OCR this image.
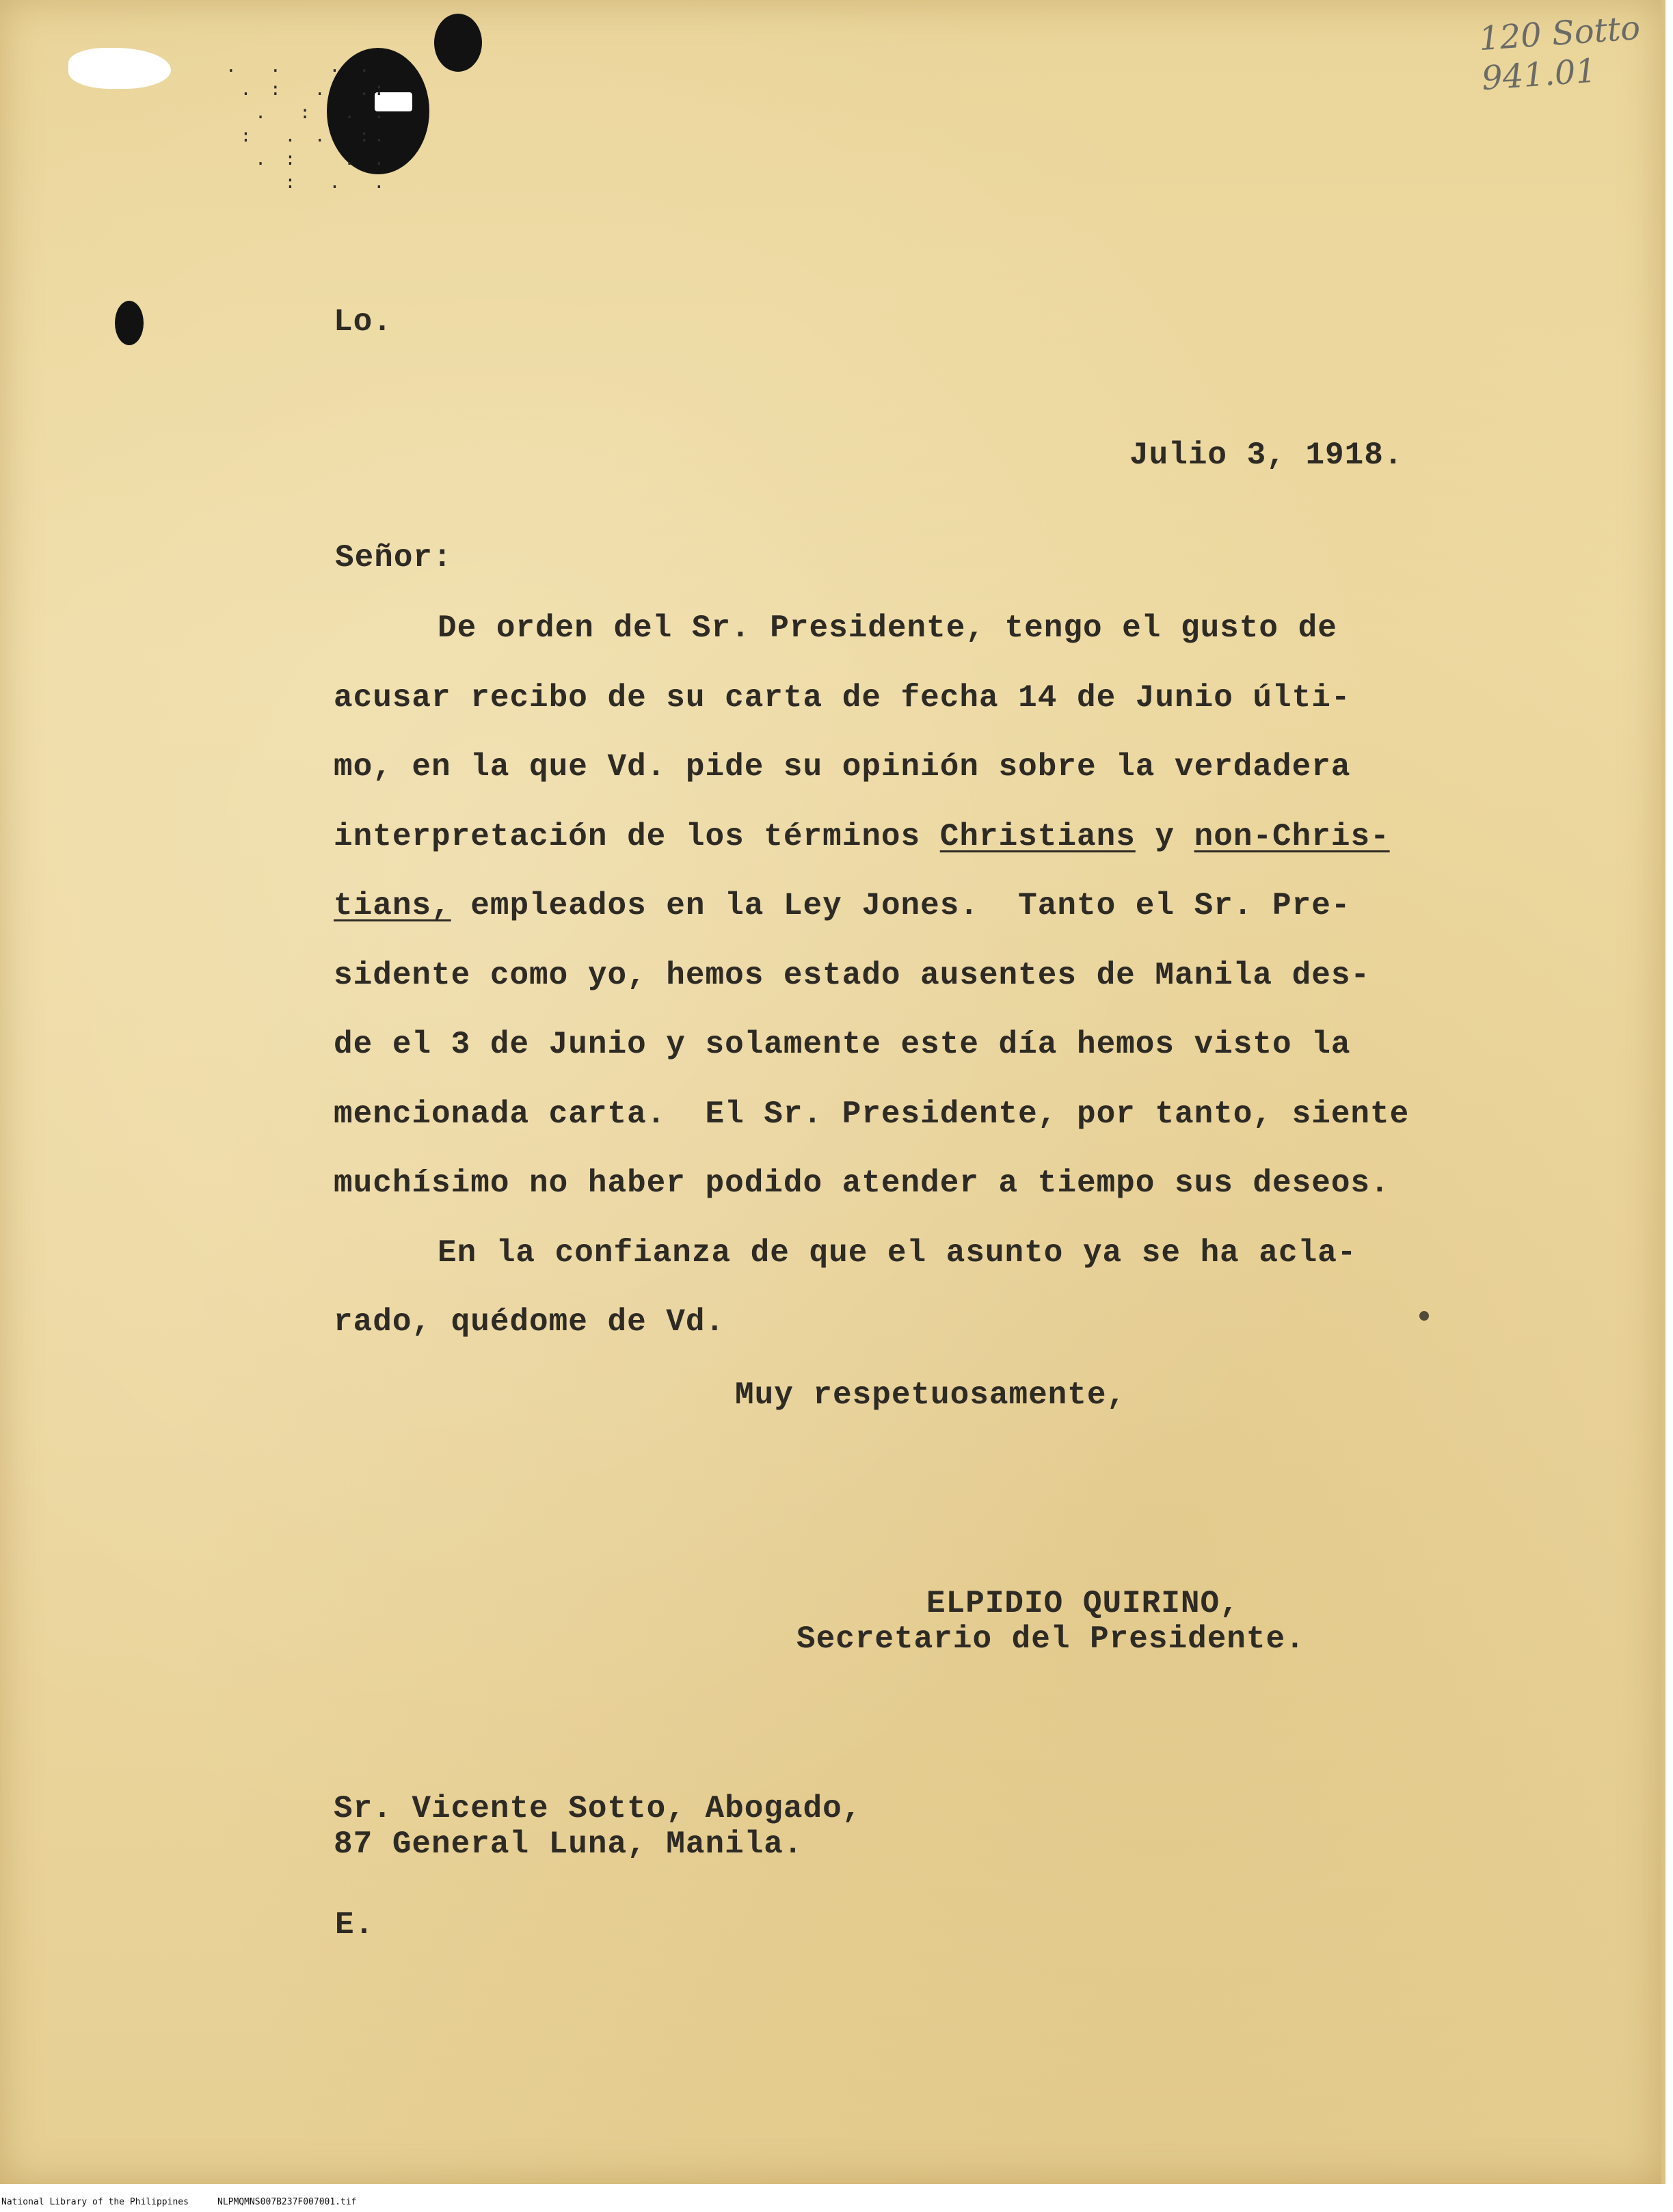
.  .   . .
. :  .  .:
.  :  . .
:  . .  :.
. :   . .
:  .  .
120 Sotto
941.01
Lo.
Julio 3, 1918.
Señor:
De orden del Sr. Presidente, tengo el gusto de
acusar recibo de su carta de fecha 14 de Junio últi-
mo, en la que Vd. pide su opinión sobre la verdadera
interpretación de los términos Christians y non-Chris-
tians, empleados en la Ley Jones.  Tanto el Sr. Pre-
sidente como yo, hemos estado ausentes de Manila des-
de el 3 de Junio y solamente este día hemos visto la
mencionada carta.  El Sr. Presidente, por tanto, siente
muchísimo no haber podido atender a tiempo sus deseos.
En la confianza de que el asunto ya se ha acla-
rado, quédome de Vd.
Muy respetuosamente,
ELPIDIO QUIRINO,
Secretario del Presidente.
Sr. Vicente Sotto, Abogado,
87 General Luna, Manila.
E.
National Library of the Philippines	NLPMQMNS007B237F007001.tif
